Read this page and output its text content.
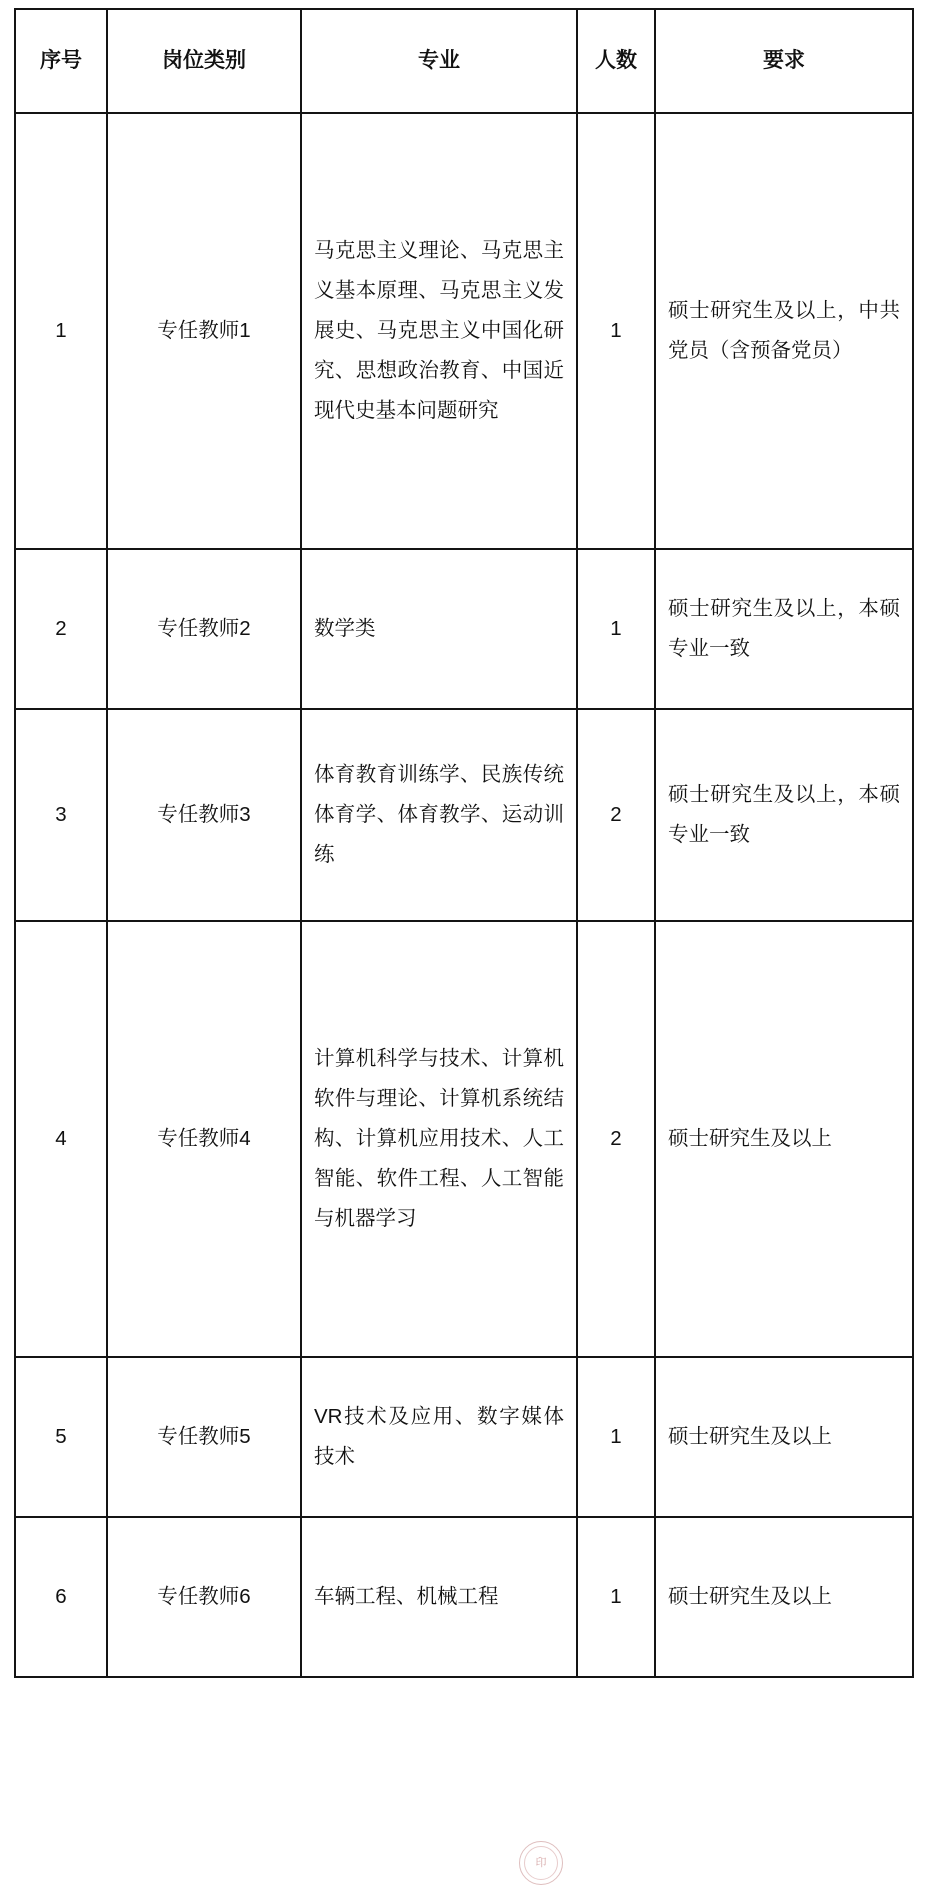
序号	岗位类别	专业	人数	要求
1	专任教师1	马克思主义理论、马克思主义基本原理、马克思主义发展史、马克思主义中国化研究、思想政治教育、中国近现代史基本问题研究	1	硕士研究生及以上，中共党员（含预备党员）
2	专任教师2	数学类	1	硕士研究生及以上，本硕专业一致
3	专任教师3	体育教育训练学、民族传统体育学、体育教学、运动训练	2	硕士研究生及以上，本硕专业一致
4	专任教师4	计算机科学与技术、计算机软件与理论、计算机系统结构、计算机应用技术、人工智能、软件工程、人工智能与机器学习	2	硕士研究生及以上
5	专任教师5	VR技术及应用、数字媒体技术	1	硕士研究生及以上
6	专任教师6	车辆工程、机械工程	1	硕士研究生及以上
印
